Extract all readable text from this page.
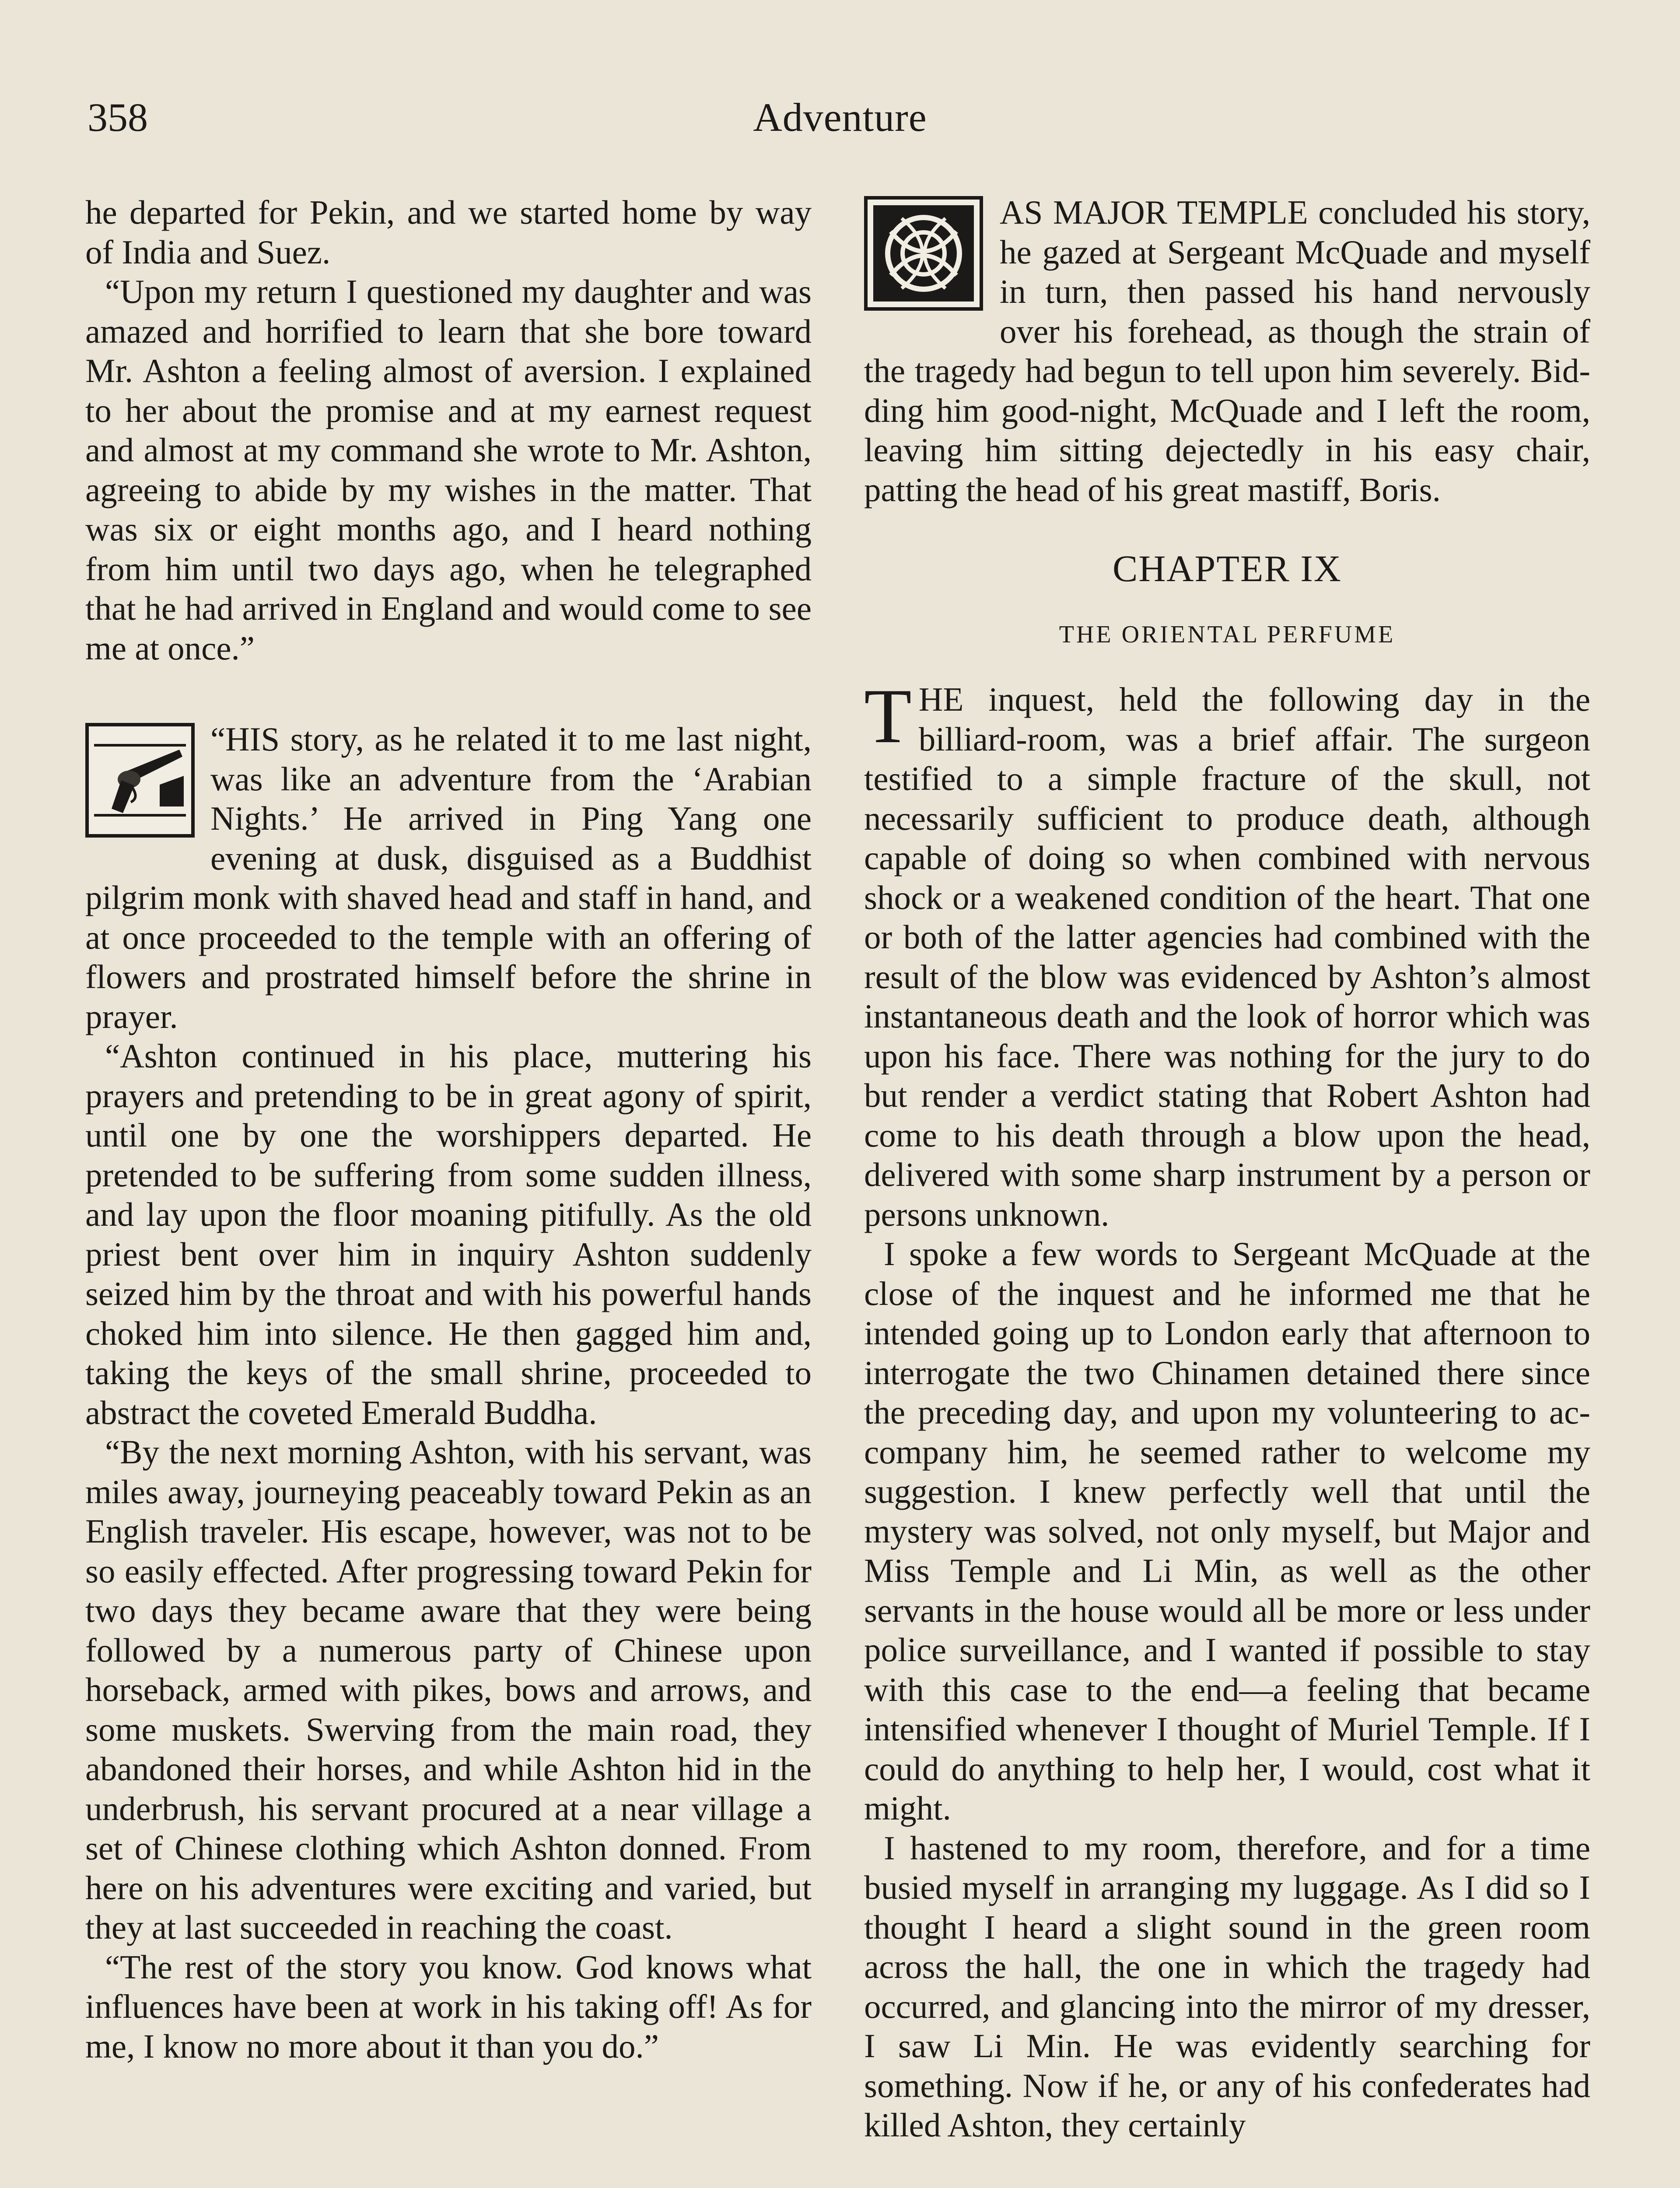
358	Adventure

he departed for Pekin, and we started home by way of India and Suez.

“Upon my return I questioned my daughter and was amazed and horrified to learn that she bore toward Mr. Ashton a feeling almost of aversion. I explained to her about the promise and at my earnest request and almost at my command she wrote to Mr. Ashton, agreeing to abide by my wishes in the matter. That was six or eight months ago, and I heard nothing from him until two days ago, when he telegraphed that he had arrived in England and would come to see me at once.”

“HIS story, as he related it to me last night, was like an adventure from the ‘Arabian Nights.’ He arrived in Ping Yang one evening at dusk, disguised as a Buddhist pilgrim monk with shaved head and staff in hand, and at once proceeded to the temple with an offering of flowers and prostrated himself before the shrine in prayer.

“Ashton continued in his place, muttering his prayers and pretending to be in great agony of spirit, until one by one the worshippers departed. He pretended to be suffering from some sudden illness, and lay upon the floor moaning pitifully. As the old priest bent over him in inquiry Ashton suddenly seized him by the throat and with his powerful hands choked him into silence. He then gagged him and, taking the keys of the small shrine, proceeded to abstract the coveted Emerald Buddha.

“By the next morning Ashton, with his servant, was miles away, journeying peaceably toward Pekin as an English traveler. His escape, however, was not to be so easily effected. After progressing toward Pekin for two days they became aware that they were being followed by a numerous party of Chinese upon horseback, armed with pikes, bows and arrows, and some muskets. Swerving from the main road, they abandoned their horses, and while Ashton hid in the underbrush, his servant procured at a near village a set of Chinese clothing which Ashton donned. From here on his adventures were exciting and varied, but they at last succeeded in reaching the coast.

“The rest of the story you know. God knows what influences have been at work in his taking off! As for me, I know no more about it than you do.”

AS MAJOR TEMPLE concluded his story, he gazed at Sergeant McQuade and myself in turn, then passed his hand nervously over his forehead, as though the strain of the tragedy had begun to tell upon him severely. Bidding him good-night, McQuade and I left the room, leaving him sitting dejectedly in his easy chair, patting the head of his great mastiff, Boris.

CHAPTER IX
THE ORIENTAL PERFUME

THE inquest, held the following day in the billiard-room, was a brief affair. The surgeon testified to a simple fracture of the skull, not necessarily sufficient to produce death, although capable of doing so when combined with nervous shock or a weakened condition of the heart. That one or both of the latter agencies had combined with the result of the blow was evidenced by Ashton’s almost instantaneous death and the look of horror which was upon his face. There was nothing for the jury to do but render a verdict stating that Robert Ashton had come to his death through a blow upon the head, delivered with some sharp instrument by a person or persons unknown.

I spoke a few words to Sergeant McQuade at the close of the inquest and he informed me that he intended going up to London early that afternoon to interrogate the two Chinamen detained there since the preceding day, and upon my volunteering to accompany him, he seemed rather to welcome my suggestion. I knew perfectly well that until the mystery was solved, not only myself, but Major and Miss Temple and Li Min, as well as the other servants in the house would all be more or less under police surveillance, and I wanted if possible to stay with this case to the end—a feeling that became intensified whenever I thought of Muriel Temple. If I could do anything to help her, I would, cost what it might.

I hastened to my room, therefore, and for a time busied myself in arranging my luggage. As I did so I thought I heard a slight sound in the green room across the hall, the one in which the tragedy had occurred, and glancing into the mirror of my dresser, I saw Li Min. He was evidently searching for something. Now if he, or any of his confederates had killed Ashton, they certainly
